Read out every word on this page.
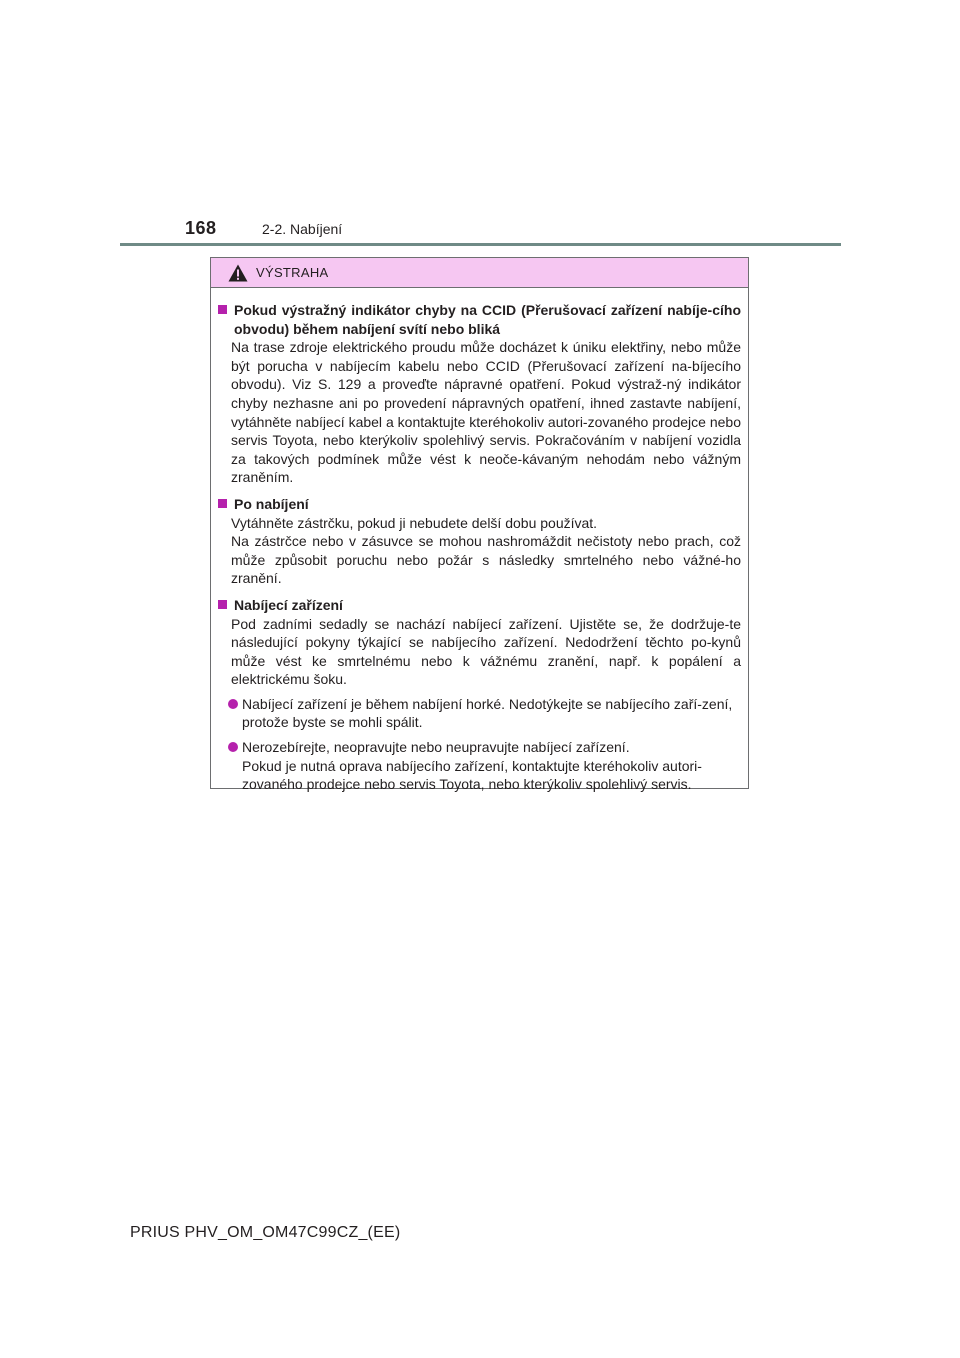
168	2-2. Nabíjení
VÝSTRAHA
Pokud výstražný indikátor chyby na CCID (Přerušovací zařízení nabíje-cího obvodu) během nabíjení svítí nebo bliká
Na trase zdroje elektrického proudu může docházet k úniku elektřiny, nebo může být porucha v nabíjecím kabelu nebo CCID (Přerušovací zařízení na-bíjecího obvodu). Viz S. 129 a proveďte nápravné opatření. Pokud výstraž-ný indikátor chyby nezhasne ani po provedení nápravných opatření, ihned zastavte nabíjení, vytáhněte nabíjecí kabel a kontaktujte kteréhokoliv autori-zovaného prodejce nebo servis Toyota, nebo kterýkoliv spolehlivý servis. Pokračováním v nabíjení vozidla za takových podmínek může vést k neoče-kávaným nehodám nebo vážným zraněním.
Po nabíjení
Vytáhněte zástrčku, pokud ji nebudete delší dobu používat.
Na zástrčce nebo v zásuvce se mohou nashromáždit nečistoty nebo prach, což může způsobit poruchu nebo požár s následky smrtelného nebo vážné-ho zranění.
Nabíjecí zařízení
Pod zadními sedadly se nachází nabíjecí zařízení. Ujistěte se, že dodržuje-te následující pokyny týkající se nabíjecího zařízení. Nedodržení těchto po-kynů může vést ke smrtelnému nebo k vážnému zranění, např. k popálení a elektrickému šoku.
Nabíjecí zařízení je během nabíjení horké. Nedotýkejte se nabíjecího zaří-zení, protože byste se mohli spálit.
Nerozebírejte, neopravujte nebo neupravujte nabíjecí zařízení.
Pokud je nutná oprava nabíjecího zařízení, kontaktujte kteréhokoliv autori-zovaného prodejce nebo servis Toyota, nebo kterýkoliv spolehlivý servis.
PRIUS PHV_OM_OM47C99CZ_(EE)
